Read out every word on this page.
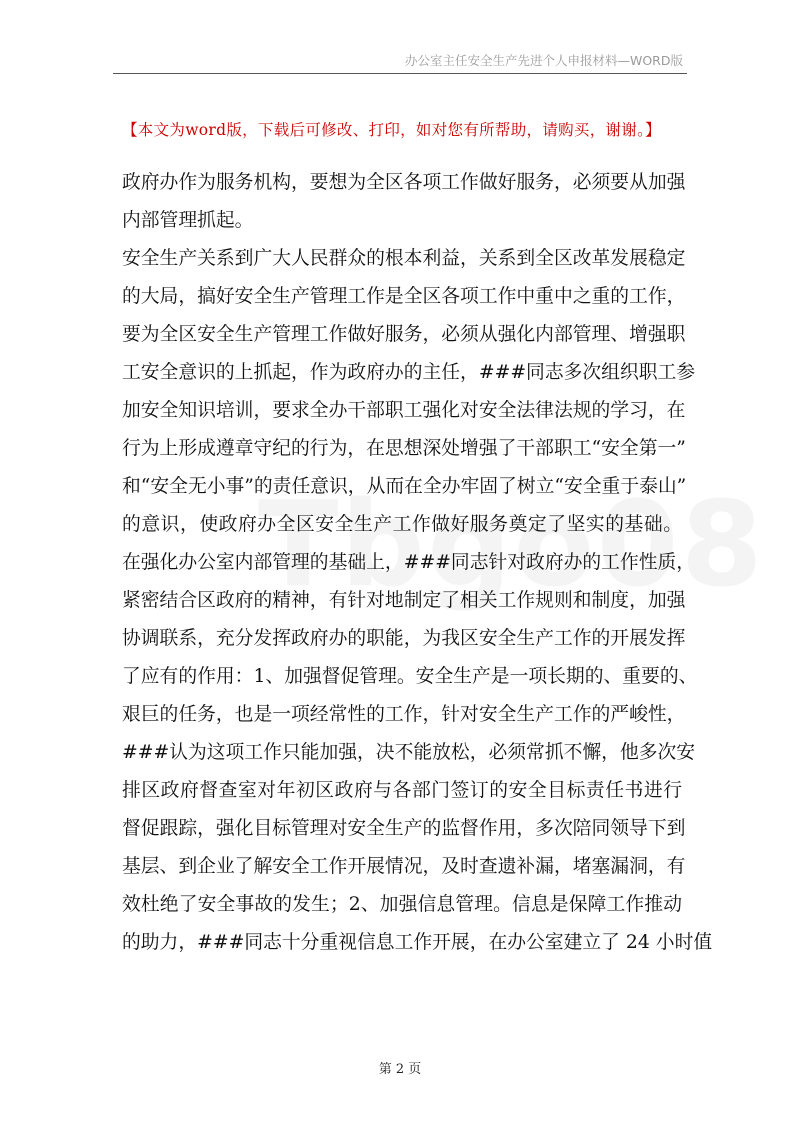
办公室主任安全生产先进个人申报材料—WORD版
【本文为word版，下载后可修改、打印，如对您有所帮助，请购买，谢谢。】
政府办作为服务机构，要想为全区各项工作做好服务，必须要从加强
内部管理抓起。
安全生产关系到广大人民群众的根本利益，关系到全区改革发展稳定
的大局，搞好安全生产管理工作是全区各项工作中重中之重的工作，
要为全区安全生产管理工作做好服务，必须从强化内部管理、增强职
工安全意识的上抓起，作为政府办的主任，###同志多次组织职工参
加安全知识培训，要求全办干部职工强化对安全法律法规的学习，在
行为上形成遵章守纪的行为，在思想深处增强了干部职工“安全第一”
和“安全无小事”的责任意识，从而在全办牢固了树立“安全重于泰山”
的意识，使政府办全区安全生产工作做好服务奠定了坚实的基础。
在强化办公室内部管理的基础上，###同志针对政府办的工作性质，
紧密结合区政府的精神，有针对地制定了相关工作规则和制度，加强
协调联系，充分发挥政府办的职能，为我区安全生产工作的开展发挥
了应有的作用：1、加强督促管理。安全生产是一项长期的、重要的、
艰巨的任务，也是一项经常性的工作，针对安全生产工作的严峻性，
###认为这项工作只能加强，决不能放松，必须常抓不懈，他多次安
排区政府督查室对年初区政府与各部门签订的安全目标责任书进行
督促跟踪，强化目标管理对安全生产的监督作用，多次陪同领导下到
基层、到企业了解安全工作开展情况，及时查遗补漏，堵塞漏洞，有
效杜绝了安全事故的发生；2、加强信息管理。信息是保障工作推动
的助力，###同志十分重视信息工作开展，在办公室建立了 24 小时值
第 2 页
